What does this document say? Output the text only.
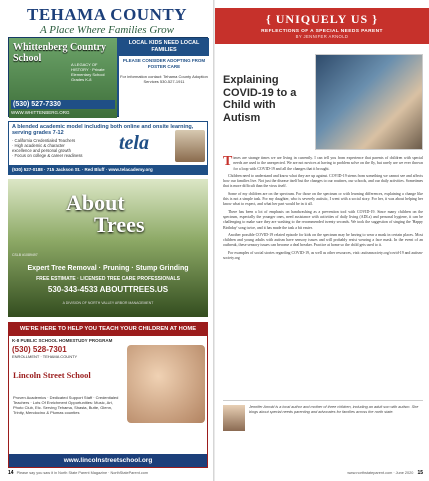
TEHAMA COUNTY
A Place Where Families Grow
Whittenberg Country School
A LEGACY OF HISTORY · Private Elementary School Grades K-8
(530) 527-7330
WWW.WHITTENBERG.ORG
LOCAL KIDS NEED LOCAL FAMILIES
PLEASE CONSIDER ADOPTING FROM FOSTER CARE
For information contact: Tehama County Adoption Services 530-527-1911
A blended academic model including both online and onsite learning, serving grades 7-12
· California Credentialed Teachers
· High academic & character
excellence and personal growth
· Focus on college & career readiness
tela
(530) 527-0188 · 715 Jackson St. · Red Bluff · www.telacademy.org
About
Trees
CSLB #1089497
Expert Tree Removal · Pruning · Stump Grinding
FREE ESTIMATE · LICENSED TREE CARE PROFESSIONALS
530-343-4533 ABOUTTREES.US
A DIVISION OF NORTH VALLEY ARBOR MANAGEMENT
WE'RE HERE TO HELP YOU TEACH YOUR CHILDREN AT HOME
K-8 PUBLIC SCHOOL HOMESTUDY PROGRAM
(530) 528-7301
ENROLLMENT · TEHAMA COUNTY
Lincoln Street School
Proven Academics · Dedicated Support Staff · Credentialed Teachers · Lots Of Enrichment Opportunities: Music, Art, Photo Club, Etc. Serving Tehama, Shasta, Butte, Glenn, Trinity, Mendocino & Plumas counties
www.lincolnstreetschool.org
14 Please say you saw it in North State Parent Magazine · NorthStateParent.com
{ UNIQUELY US }
REFLECTIONS OF A SPECIAL NEEDS PARENT
BY JENNIFER ARNOLD
Explaining COVID-19 to a Child with Autism

Times are strange times we are living in currently. I can tell you from experience that parents of children with special needs are used to the unexpected. We are not novices at having to problem solve on the fly, but rarely are we ever thrown for a loop with COVID-19 and all the changes that it brought.

Children need to understand and know what they are up against. COVID-19 stems from something we cannot see and affects how our families live. Not just the disease itself but the changes to our routines, our schools, and our daily activities. Sometimes that is more difficult than the virus itself.

Some of my children are on the spectrum. For those on the spectrum or with learning differences, explaining a change like this is not a simple task. For my daughter, who is severely autistic, I went with a social story. For her, it was about helping her know what to expect, and what her part would be in it all.

There has been a lot of emphasis on handwashing as a prevention tool with COVID-19. Since many children on the spectrum, especially the younger ones, need assistance with activities of daily living (ADLs) and personal hygiene, it can be challenging to make sure they are washing to the recommended twenty seconds. We took the suggestion of singing the 'Happy Birthday' song twice, and it has made the task a bit easier.

Another possible COVID-19 related episode for kids on the spectrum may be having to wear a mask in certain places. Most children and young adults with autism have sensory issues and will probably resist wearing a face mask. In the event of an outbreak, these sensory issues can become a deal breaker. Practice at home so the child gets used to it.

For examples of social stories regarding COVID-19, as well as other resources, visit: autismsociety.org/covid-19 and autism-society.org

Jennifer Arnold is a local author and mother of three children, including an adult son with autism. She blogs about special needs parenting and advocates for families across the north state.
www.northstateparent.com · June 2020 15
